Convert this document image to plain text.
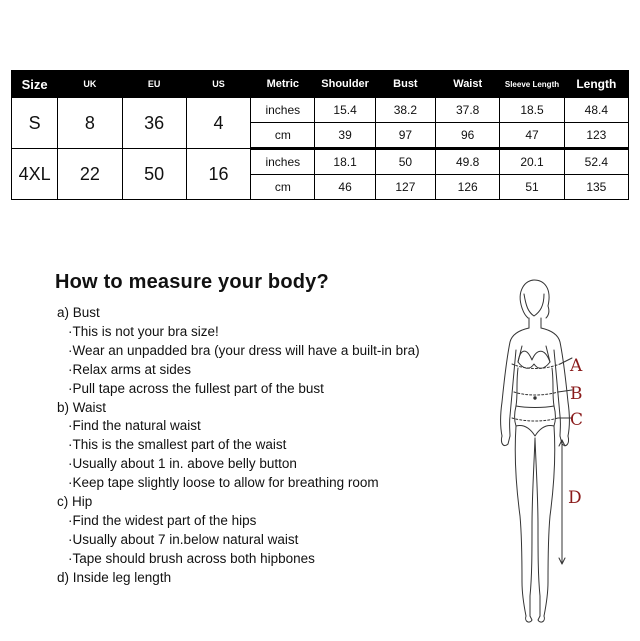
Size	UK	EU	US	Metric	Shoulder	Bust	Waist	Sleeve Length	Length
S	8	36	4	inches	15.4	38.2	37.8	18.5	48.4
				cm	39	97	96	47	123
4XL	22	50	16	inches	18.1	50	49.8	20.1	52.4
				cm	46	127	126	51	135
How to measure your body?
a) Bust
·This is not your bra size!
·Wear an unpadded bra (your dress will have a built-in bra)
·Relax arms at sides
·Pull tape across the fullest part of the bust
b) Waist
·Find the natural waist
·This is the smallest part of the waist
·Usually about 1 in. above belly button
·Keep tape slightly loose to allow for breathing room
c) Hip
·Find the widest part of the hips
·Usually about 7 in.below natural waist
·Tape should brush across both hipbones
d) Inside leg length
A
B
C
D
